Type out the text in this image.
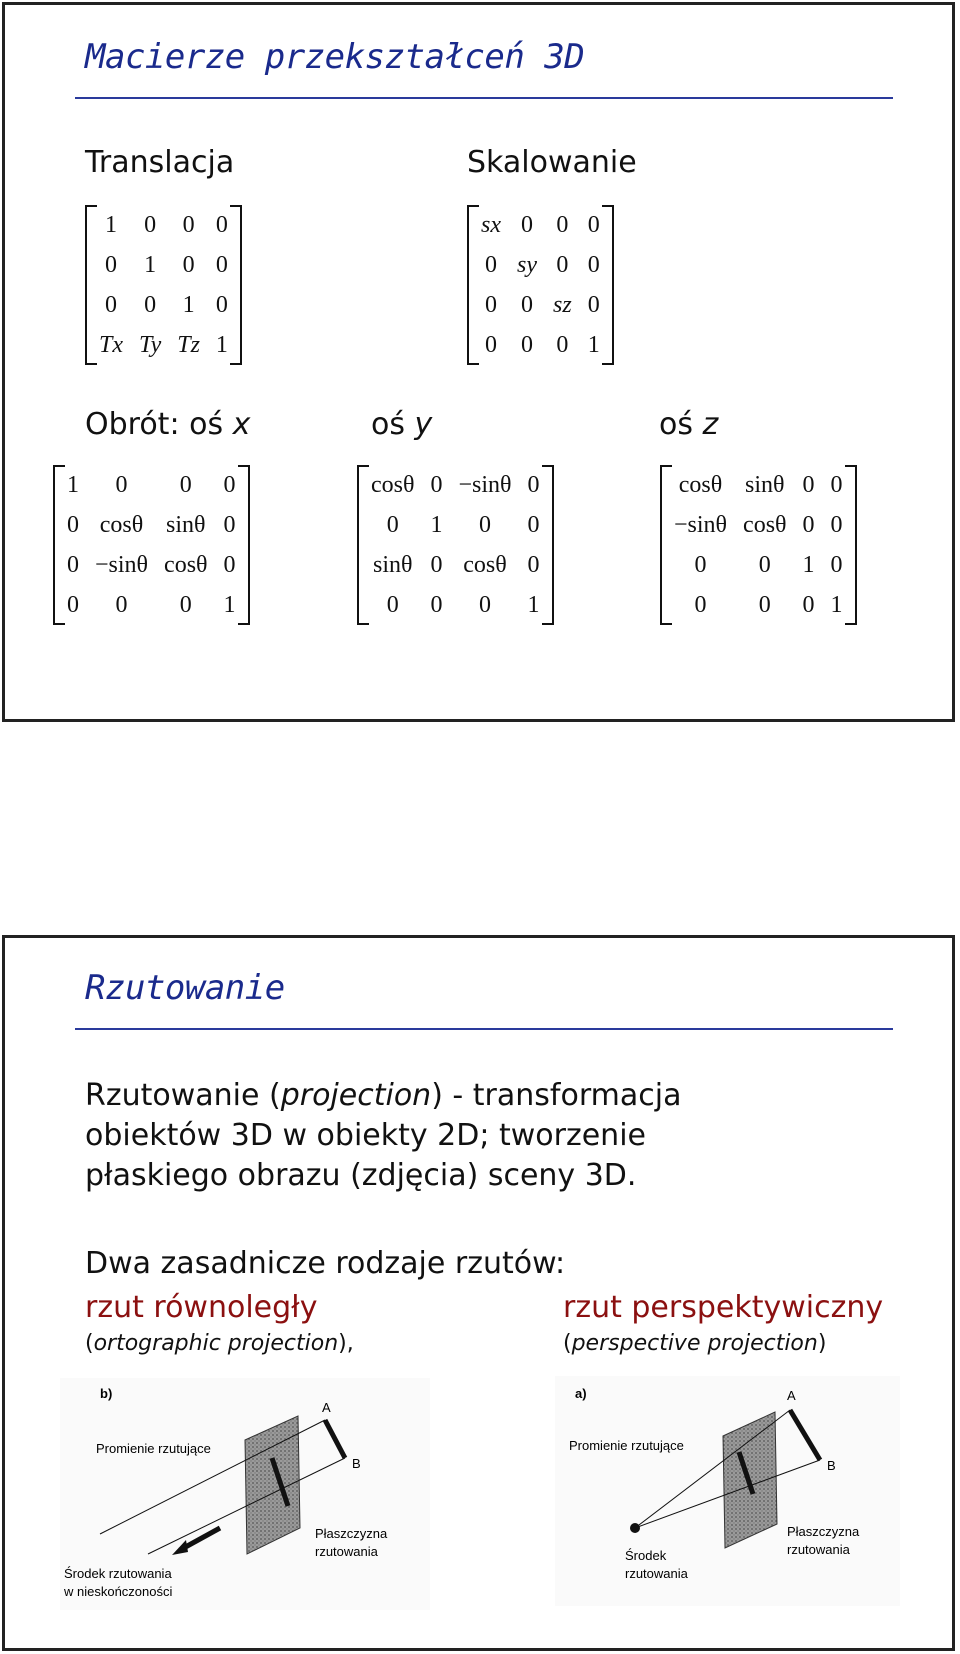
Macierze przekształceń 3D
Translacja	Skalowanie
1	0	0	0
0	1	0	0
0	0	1	0
Tx	Ty	Tz	1
sx	0	0	0
0	sy	0	0
0	0	sz	0
0	0	0	1
Obrót: oś x	oś y	oś z
1	0	0	0
0	cosθ	sinθ	0
0	−sinθ	cosθ	0
0	0	0	1
cosθ	0	−sinθ	0
0	1	0	0
sinθ	0	cosθ	0
0	0	0	1
cosθ	sinθ	0	0
−sinθ	cosθ	0	0
0	0	1	0
0	0	0	1
Rzutowanie
Rzutowanie (projection) - transformacja
obiektów 3D w obiekty 2D; tworzenie
płaskiego obrazu (zdjęcia) sceny 3D.
Dwa zasadnicze rodzaje rzutów:
rzut równoległy	rzut perspektywiczny
(ortographic projection),	(perspective projection)
b)
A
B
Promienie rzutujące
Płaszczyzna
rzutowania
Środek rzutowania
w nieskończoności
a)	A
B
Promienie rzutujące
Płaszczyzna
rzutowania
Środek
rzutowania
